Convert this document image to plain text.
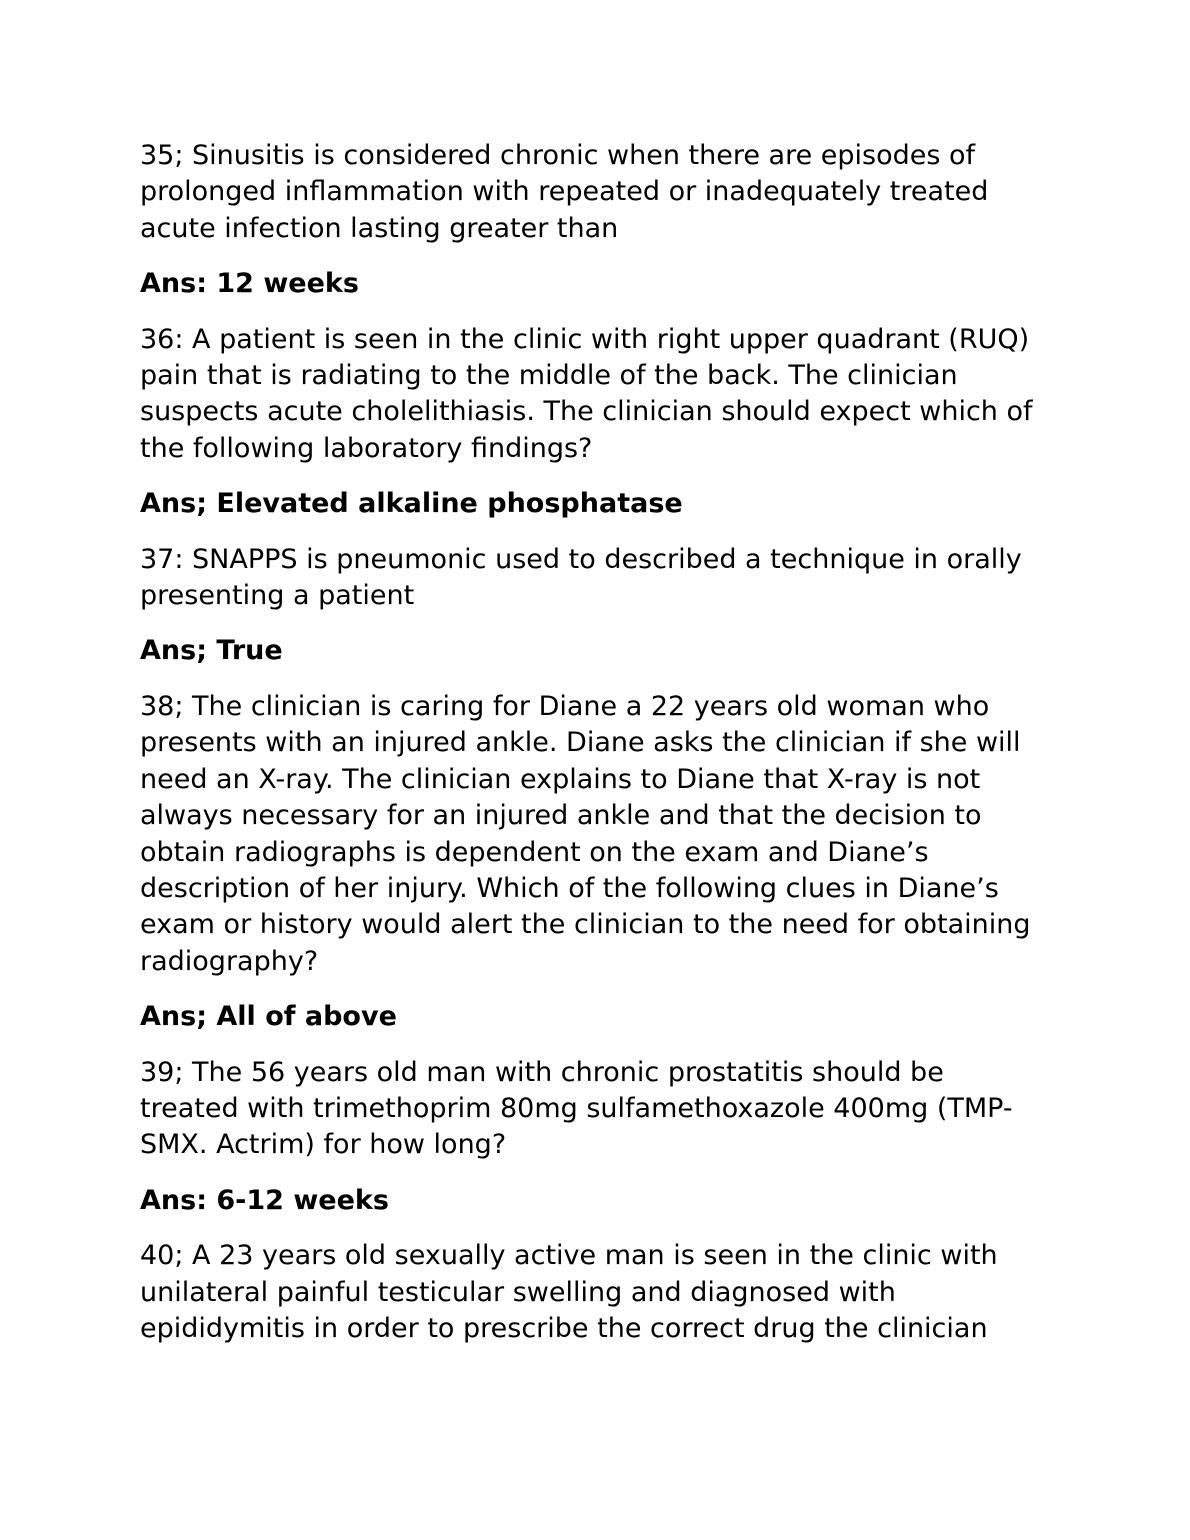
35; Sinusitis is considered chronic when there are episodes of
prolonged inflammation with repeated or inadequately treated
acute infection lasting greater than

Ans: 12 weeks

36: A patient is seen in the clinic with right upper quadrant (RUQ)
pain that is radiating to the middle of the back. The clinician
suspects acute cholelithiasis. The clinician should expect which of
the following laboratory findings?

Ans; Elevated alkaline phosphatase

37: SNAPPS is pneumonic used to described a technique in orally
presenting a patient

Ans; True

38; The clinician is caring for Diane a 22 years old woman who
presents with an injured ankle. Diane asks the clinician if she will
need an X-ray. The clinician explains to Diane that X-ray is not
always necessary for an injured ankle and that the decision to
obtain radiographs is dependent on the exam and Diane’s
description of her injury. Which of the following clues in Diane’s
exam or history would alert the clinician to the need for obtaining
radiography?

Ans; All of above

39; The 56 years old man with chronic prostatitis should be
treated with trimethoprim 80mg sulfamethoxazole 400mg (TMP-
SMX. Actrim) for how long?

Ans: 6-12 weeks

40; A 23 years old sexually active man is seen in the clinic with
unilateral painful testicular swelling and diagnosed with
epididymitis in order to prescribe the correct drug the clinician
